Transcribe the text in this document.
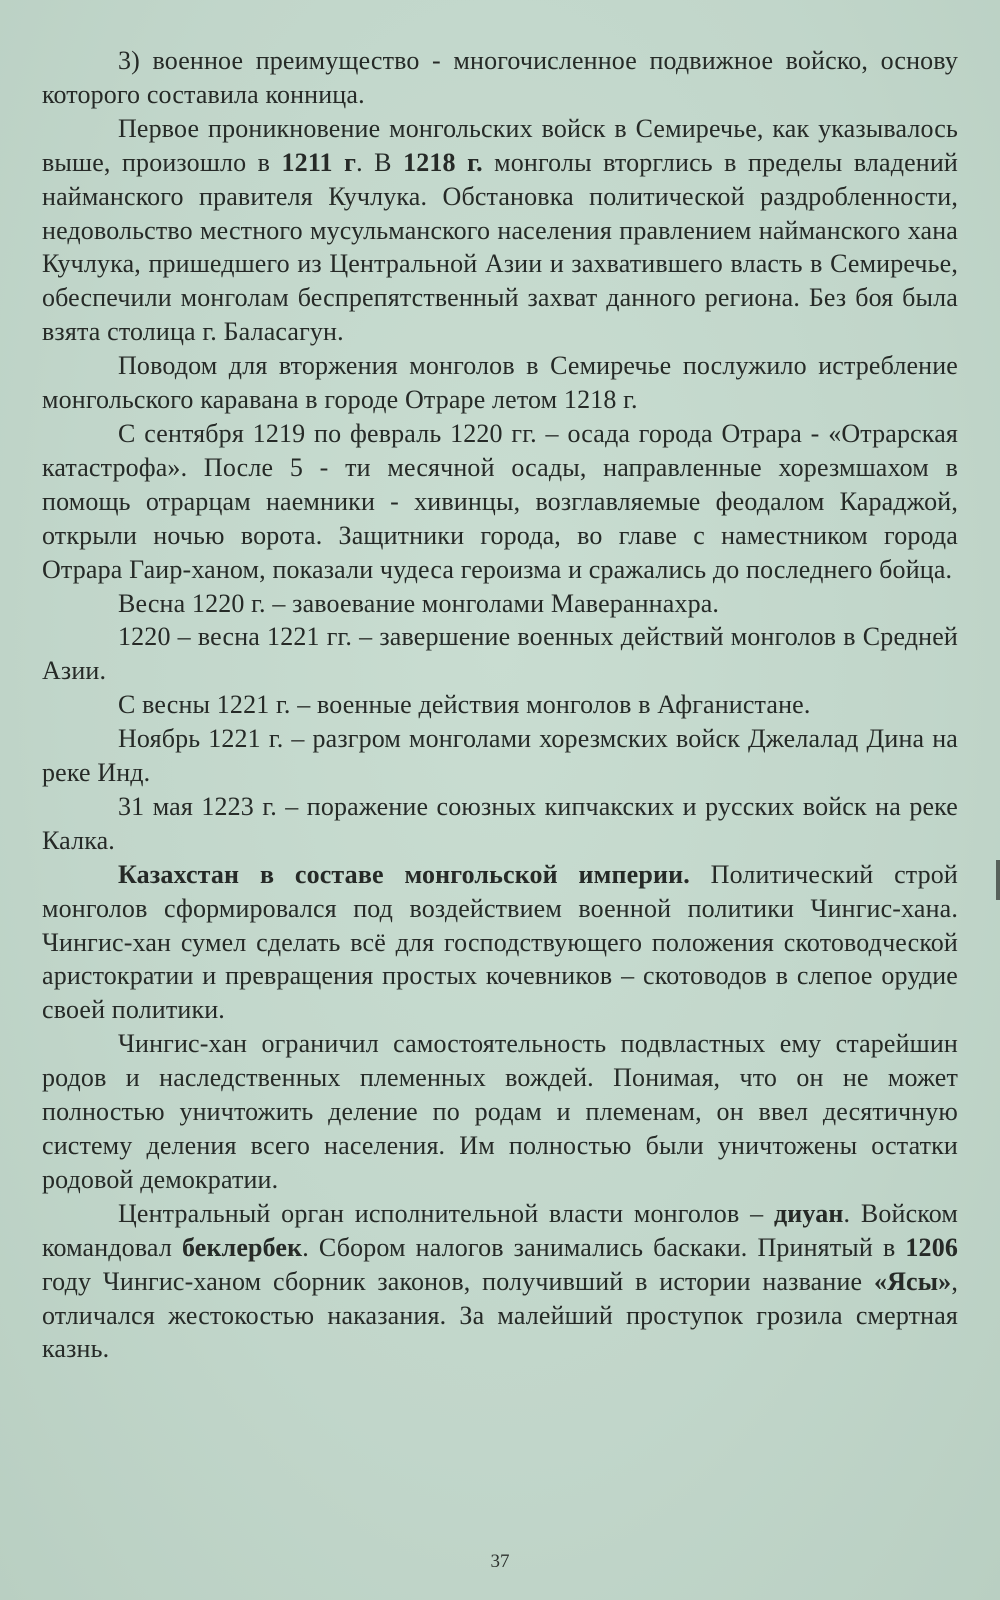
3) военное преимущество - многочисленное подвижное войско, основу которого составила конница.

Первое проникновение монгольских войск в Семиречье, как указывалось выше, произошло в 1211 г. В 1218 г. монголы вторглись в пределы владений найманского правителя Кучлука. Обстановка политической раздробленности, недовольство местного мусульманского населения правлением найманского хана Кучлука, пришедшего из Центральной Азии и захватившего власть в Семиречье, обеспечили монголам беспрепятственный захват данного региона. Без боя была взята столица г. Баласагун.

Поводом для вторжения монголов в Семиречье послужило истребление монгольского каравана в городе Отраре летом 1218 г.

С сентября 1219 по февраль 1220 гг. – осада города Отрара - «Отрарская катастрофа». После 5 - ти месячной осады, направленные хорезмшахом в помощь отрарцам наемники - хивинцы, возглавляемые феодалом Караджой, открыли ночью ворота. Защитники города, во главе с наместником города Отрара Гаир-ханом, показали чудеса героизма и сражались до последнего бойца.

Весна 1220 г. – завоевание монголами Мавераннахра.

1220 – весна 1221 гг. – завершение военных действий монголов в Средней Азии.

С весны 1221 г. – военные действия монголов в Афганистане.

Ноябрь 1221 г. – разгром монголами хорезмских войск Джелалад Дина на реке Инд.

31 мая 1223 г. – поражение союзных кипчакских и русских войск на реке Калка.

Казахстан в составе монгольской империи. Политический строй монголов сформировался под воздействием военной политики Чингис-хана. Чингис-хан сумел сделать всё для господствующего положения скотоводческой аристократии и превращения простых кочевников – скотоводов в слепое орудие своей политики.

Чингис-хан ограничил самостоятельность подвластных ему старейшин родов и наследственных племенных вождей. Понимая, что он не может полностью уничтожить деление по родам и племенам, он ввел десятичную систему деления всего населения. Им полностью были уничтожены остатки родовой демократии.

Центральный орган исполнительной власти монголов – диуан. Войском командовал беклербек. Сбором налогов занимались баскаки. Принятый в 1206 году Чингис-ханом сборник законов, получивший в истории название «Ясы», отличался жестокостью наказания. За малейший проступок грозила смертная казнь.

37
